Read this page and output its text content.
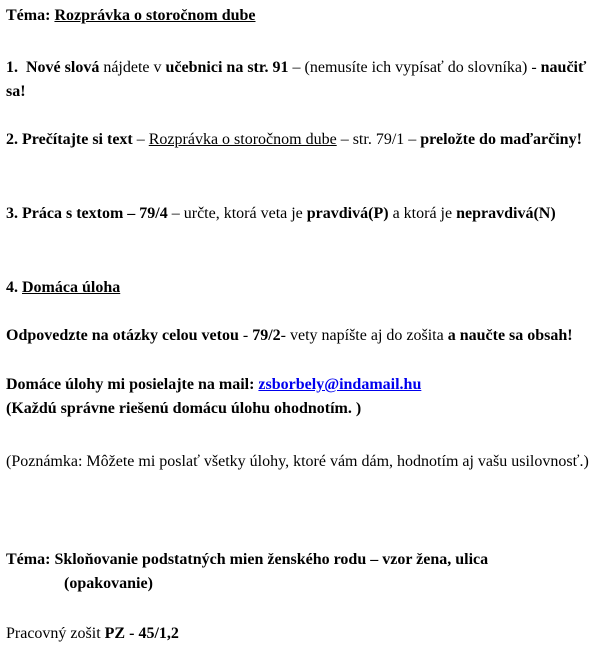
Téma: Rozprávka o storočnom dube

1. Nové slová nájdete v učebnici na str. 91 – (nemusíte ich vypísať do slovníka) - naučiť sa!

2. Prečítajte si text – Rozprávka o storočnom dube – str. 79/1 – preložte do maďarčiny!

3. Práca s textom – 79/4 – určte, ktorá veta je pravdivá(P) a ktorá je nepravdivá(N)

4. Domáca úloha

Odpovedzte na otázky celou vetou - 79/2- vety napíšte aj do zošita a naučte sa obsah!

Domáce úlohy mi posielajte na mail: zsborbely@indamail.hu

(Každú správne riešenú domácu úlohu ohodnotím. )

(Poznámka: Môžete mi poslať všetky úlohy, ktoré vám dám, hodnotím aj vašu usilovnosť.)

Téma: Skloňovanie podstatných mien ženského rodu – vzor žena, ulica
(opakovanie)

Pracovný zošit PZ - 45/1,2
